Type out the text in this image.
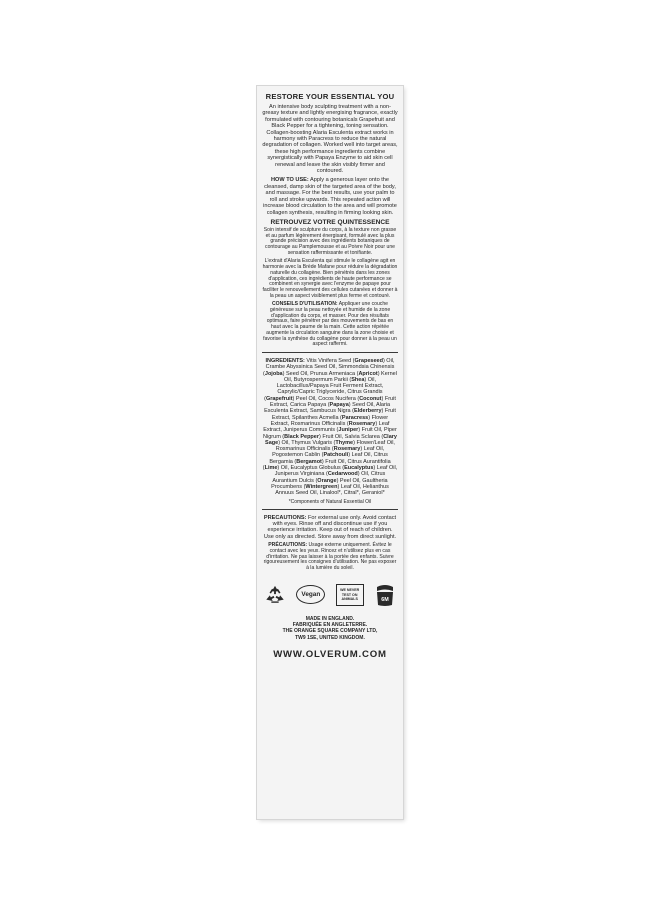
RESTORE YOUR ESSENTIAL YOU
An intensive body sculpting treatment with a non-greasy texture and lightly energising fragrance, exactly formulated with contouring botanicals Grapefruit and Black Pepper for a tightening, toning sensation. Collagen-boosting Alaria Esculenta extract works in harmony with Paracress to reduce the natural degradation of collagen. Worked well into target areas, these high performance ingredients combine synergistically with Papaya Enzyme to aid skin cell renewal and leave the skin visibly firmer and contoured.
HOW TO USE: Apply a generous layer onto the cleansed, damp skin of the targeted area of the body, and massage. For the best results, use your palm to roll and stroke upwards. This repeated action will increase blood circulation to the area and will promote collagen synthesis, resulting in firming looking skin.
RETROUVEZ VOTRE QUINTESSENCE
Soin intensif de sculpture du corps, à la texture non grasse et au parfum légèrement énergisant, formulé avec la plus grande précision avec des ingrédients botaniques de contourage au Pamplemousse et au Poivre Noir pour une sensation raffermissante et tonifiante.
L'extrait d'Alaria Esculenta qui stimule le collagène agit en harmonie avec la Brède Mafane pour réduire la dégradation naturelle du collagène. Bien pénétrés dans les zones d'application, ces ingrédients de haute performance se combinent en synergie avec l'enzyme de papaye pour faciliter le renouvellement des cellules cutanées et donner à la peau un aspect visiblement plus ferme et contouré.
CONSEILS D'UTILISATION: Appliquer une couche généreuse sur la peau nettoyée et humide de la zone d'application du corps, et masser. Pour des résultats optimaux, faire pénétrer par des mouvements de bas en haut avec la paume de la main. Cette action répétée augmente la circulation sanguine dans la zone choisie et favorise la synthèse du collagène pour donner à la peau un aspect raffermi.
INGREDIENTS: Vitis Vinifera Seed (Grapeseed) Oil, Crambe Abyssinica Seed Oil, Simmondsia Chinensis (Jojoba) Seed Oil, Prunus Armeniaca (Apricot) Kernel Oil, Butyrospermum Parkii (Shea) Oil, Lactobacillus/Papaya Fruit Ferment Extract, Caprylic/Capric Triglyceride, Citrus Grandis (Grapefruit) Peel Oil, Cocos Nucifera (Coconut) Fruit Extract, Carica Papaya (Papaya) Seed Oil, Alaria Esculenta Extract, Sambucus Nigra (Elderberry) Fruit Extract, Spilanthes Acmella (Paracress) Flower Extract, Rosmarinus Officinalis (Rosemary) Leaf Extract, Juniperus Communis (Juniper) Fruit Oil, Piper Nigrum (Black Pepper) Fruit Oil, Salvia Sclarea (Clary Sage) Oil, Thymus Vulgaris (Thyme) Flower/Leaf Oil, Rosmarinus Officinalis (Rosemary) Leaf Oil, Pogostemon Cablin (Patchouli) Leaf Oil, Citrus Bergamia (Bergamot) Fruit Oil, Citrus Aurantifolia (Lime) Oil, Eucalyptus Globulus (Eucalyptus) Leaf Oil, Juniperus Virginiana (Cedarwood) Oil, Citrus Aurantium Dulcis (Orange) Peel Oil, Gaultheria Procumbens (Wintergreen) Leaf Oil, Helianthus Annuus Seed Oil, Linalool*, Citral*, Geraniol*
*Components of Natural Essential Oil
PRECAUTIONS: For external use only. Avoid contact with eyes. Rinse off and discontinue use if you experience irritation. Keep out of reach of children. Use only as directed. Store away from direct sunlight.
PRÉCAUTIONS: Usage externe uniquement. Évitez le contact avec les yeux. Rincez et n'utilisez plus en cas d'irritation. Ne pas laisser à la portée des enfants. Suivre rigoureusement les consignes d'utilisation. Ne pas exposer à la lumière du soleil.
Vegan
WE NEVER
TEST ON
ANIMALS	6M
MADE IN ENGLAND.
FABRIQUÉE EN ANGLETERRE.
THE ORANGE SQUARE COMPANY LTD,
TW9 1SE, UNITED KINGDOM.
WWW.OLVERUM.COM
